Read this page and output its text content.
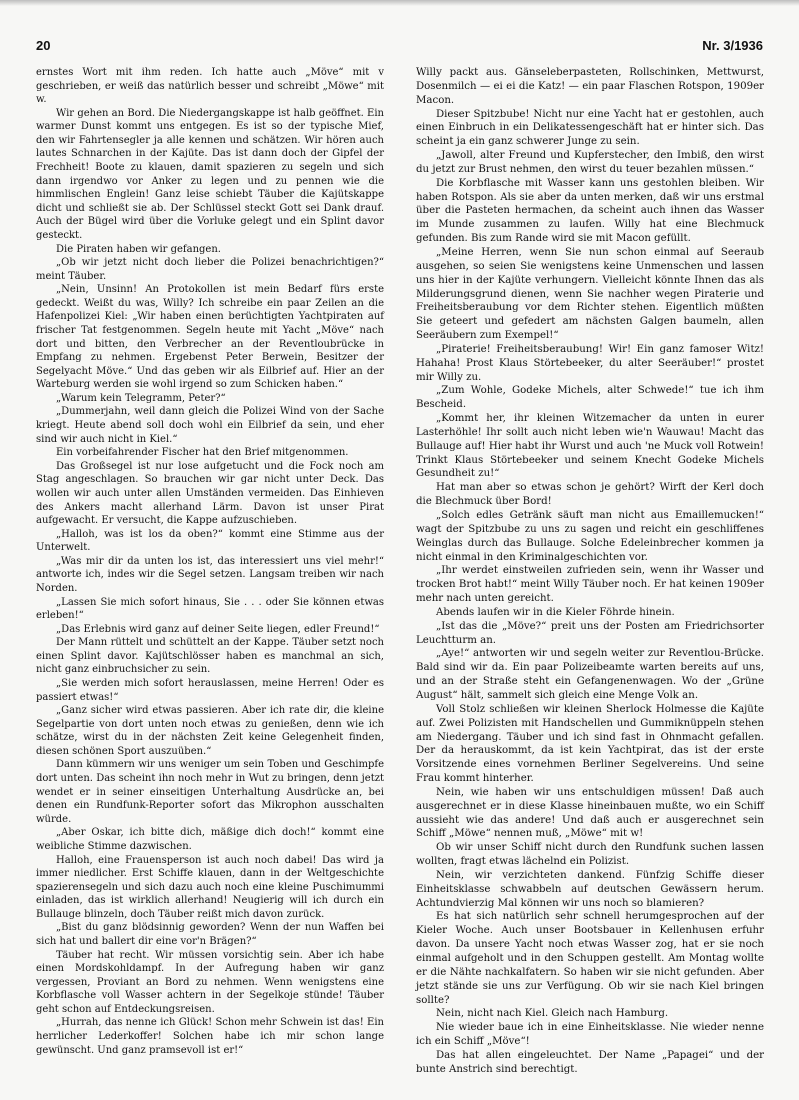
20	Nr. 3/1936

ernstes Wort mit ihm reden. Ich hatte auch „Möve“ mit v geschrieben, er weiß das natürlich besser und schreibt „Möwe“ mit w.

Wir gehen an Bord. Die Niedergangskappe ist halb geöffnet. Ein warmer Dunst kommt uns entgegen. Es ist so der typische Mief, den wir Fahrtensegler ja alle kennen und schätzen. Wir hören auch lautes Schnarchen in der Kajüte. Das ist dann doch der Gipfel der Frechheit! Boote zu klauen, damit spazieren zu segeln und sich dann irgendwo vor Anker zu legen und zu pennen wie die himmlischen Englein! Ganz leise schiebt Täuber die Kajütskappe dicht und schließt sie ab. Der Schlüssel steckt Gott sei Dank drauf. Auch der Bügel wird über die Vorluke gelegt und ein Splint davor gesteckt.

Die Piraten haben wir gefangen.

„Ob wir jetzt nicht doch lieber die Polizei benachrichtigen?“ meint Täuber.

„Nein, Unsinn! An Protokollen ist mein Bedarf fürs erste gedeckt. Weißt du was, Willy? Ich schreibe ein paar Zeilen an die Hafenpolizei Kiel: „Wir haben einen berüchtigten Yachtpiraten auf frischer Tat festgenommen. Segeln heute mit Yacht „Möve“ nach dort und bitten, den Verbrecher an der Reventloubrücke in Empfang zu nehmen. Ergebenst Peter Berwein, Besitzer der Segelyacht Möve.“ Und das geben wir als Eilbrief auf. Hier an der Warteburg werden sie wohl irgend so zum Schicken haben.“

„Warum kein Telegramm, Peter?“

„Dummerjahn, weil dann gleich die Polizei Wind von der Sache kriegt. Heute abend soll doch wohl ein Eilbrief da sein, und eher sind wir auch nicht in Kiel.“

Ein vorbeifahrender Fischer hat den Brief mitgenommen.

Das Großsegel ist nur lose aufgetucht und die Fock noch am Stag angeschlagen. So brauchen wir gar nicht unter Deck. Das wollen wir auch unter allen Umständen vermeiden. Das Einhieven des Ankers macht allerhand Lärm. Davon ist unser Pirat aufgewacht. Er versucht, die Kappe aufzuschieben.

„Halloh, was ist los da oben?“ kommt eine Stimme aus der Unterwelt.

„Was mir dir da unten los ist, das interessiert uns viel mehr!“ antworte ich, indes wir die Segel setzen. Langsam treiben wir nach Norden.

„Lassen Sie mich sofort hinaus, Sie . . . oder Sie können etwas erleben!“

„Das Erlebnis wird ganz auf deiner Seite liegen, edler Freund!“

Der Mann rüttelt und schüttelt an der Kappe. Täuber setzt noch einen Splint davor. Kajütschlösser haben es manchmal an sich, nicht ganz einbruchsicher zu sein.

„Sie werden mich sofort herauslassen, meine Herren! Oder es passiert etwas!“

„Ganz sicher wird etwas passieren. Aber ich rate dir, die kleine Segelpartie von dort unten noch etwas zu genießen, denn wie ich schätze, wirst du in der nächsten Zeit keine Gelegenheit finden, diesen schönen Sport auszuüben.“

Dann kümmern wir uns weniger um sein Toben und Geschimpfe dort unten. Das scheint ihn noch mehr in Wut zu bringen, denn jetzt wendet er in seiner einseitigen Unterhaltung Ausdrücke an, bei denen ein Rundfunk-Reporter sofort das Mikrophon ausschalten würde.

„Aber Oskar, ich bitte dich, mäßige dich doch!“ kommt eine weibliche Stimme dazwischen.

Halloh, eine Frauensperson ist auch noch dabei! Das wird ja immer niedlicher. Erst Schiffe klauen, dann in der Weltgeschichte spazierensegeln und sich dazu auch noch eine kleine Puschimummi einladen, das ist wirklich allerhand! Neugierig will ich durch ein Bullauge blinzeln, doch Täuber reißt mich davon zurück.

„Bist du ganz blödsinnig geworden? Wenn der nun Waffen bei sich hat und ballert dir eine vor'n Brägen?“

Täuber hat recht. Wir müssen vorsichtig sein. Aber ich habe einen Mordskohldampf. In der Aufregung haben wir ganz vergessen, Proviant an Bord zu nehmen. Wenn wenigstens eine Korbflasche voll Wasser achtern in der Segelkoje stünde! Täuber geht schon auf Entdeckungsreisen.

„Hurrah, das nenne ich Glück! Schon mehr Schwein ist das! Ein herrlicher Lederkoffer! Solchen habe ich mir schon lange gewünscht. Und ganz pramsevoll ist er!“

Willy packt aus. Gänseleberpasteten, Rollschinken, Mettwurst, Dosenmilch — ei ei die Katz! — ein paar Flaschen Rotspon, 1909er Macon.

Dieser Spitzbube! Nicht nur eine Yacht hat er gestohlen, auch einen Einbruch in ein Delikatessengeschäft hat er hinter sich. Das scheint ja ein ganz schwerer Junge zu sein.

„Jawoll, alter Freund und Kupferstecher, den Imbiß, den wirst du jetzt zur Brust nehmen, den wirst du teuer bezahlen müssen.“

Die Korbflasche mit Wasser kann uns gestohlen bleiben. Wir haben Rotspon. Als sie aber da unten merken, daß wir uns erstmal über die Pasteten hermachen, da scheint auch ihnen das Wasser im Munde zusammen zu laufen. Willy hat eine Blechmuck gefunden. Bis zum Rande wird sie mit Macon gefüllt.

„Meine Herren, wenn Sie nun schon einmal auf Seeraub ausgehen, so seien Sie wenigstens keine Unmenschen und lassen uns hier in der Kajüte verhungern. Vielleicht könnte Ihnen das als Milderungsgrund dienen, wenn Sie nachher wegen Piraterie und Freiheitsberaubung vor dem Richter stehen. Eigentlich müßten Sie geteert und gefedert am nächsten Galgen baumeln, allen Seeräubern zum Exempel!“

„Piraterie! Freiheitsberaubung! Wir! Ein ganz famoser Witz! Hahaha! Prost Klaus Störtebeeker, du alter Seeräuber!“ prostet mir Willy zu.

„Zum Wohle, Godeke Michels, alter Schwede!“ tue ich ihm Bescheid.

„Kommt her, ihr kleinen Witzemacher da unten in eurer Lasterhöhle! Ihr sollt auch nicht leben wie'n Wauwau! Macht das Bullauge auf! Hier habt ihr Wurst und auch 'ne Muck voll Rotwein! Trinkt Klaus Störtebeeker und seinem Knecht Godeke Michels Gesundheit zu!“

Hat man aber so etwas schon je gehört? Wirft der Kerl doch die Blechmuck über Bord!

„Solch edles Getränk säuft man nicht aus Emaillemucken!“ wagt der Spitzbube zu uns zu sagen und reicht ein geschliffenes Weinglas durch das Bullauge. Solche Edeleinbrecher kommen ja nicht einmal in den Kriminalgeschichten vor.

„Ihr werdet einstweilen zufrieden sein, wenn ihr Wasser und trocken Brot habt!“ meint Willy Täuber noch. Er hat keinen 1909er mehr nach unten gereicht.

Abends laufen wir in die Kieler Föhrde hinein.

„Ist das die „Möve?“ preit uns der Posten am Friedrichsorter Leuchtturm an.

„Aye!“ antworten wir und segeln weiter zur Reventlou-Brücke. Bald sind wir da. Ein paar Polizeibeamte warten bereits auf uns, und an der Straße steht ein Gefangenenwagen. Wo der „Grüne August“ hält, sammelt sich gleich eine Menge Volk an.

Voll Stolz schließen wir kleinen Sherlock Holmesse die Kajüte auf. Zwei Polizisten mit Handschellen und Gummiknüppeln stehen am Niedergang. Täuber und ich sind fast in Ohnmacht gefallen. Der da herauskommt, da ist kein Yachtpirat, das ist der erste Vorsitzende eines vornehmen Berliner Segelvereins. Und seine Frau kommt hinterher.

Nein, wie haben wir uns entschuldigen müssen! Daß auch ausgerechnet er in diese Klasse hineinbauen mußte, wo ein Schiff aussieht wie das andere! Und daß auch er ausgerechnet sein Schiff „Möwe“ nennen muß, „Möwe“ mit w!

Ob wir unser Schiff nicht durch den Rundfunk suchen lassen wollten, fragt etwas lächelnd ein Polizist.

Nein, wir verzichteten dankend. Fünfzig Schiffe dieser Einheitsklasse schwabbeln auf deutschen Gewässern herum. Achtundvierzig Mal können wir uns noch so blamieren?

Es hat sich natürlich sehr schnell herumgesprochen auf der Kieler Woche. Auch unser Bootsbauer in Kellenhusen erfuhr davon. Da unsere Yacht noch etwas Wasser zog, hat er sie noch einmal aufgeholt und in den Schuppen gestellt. Am Montag wollte er die Nähte nachkalfatern. So haben wir sie nicht gefunden. Aber jetzt stände sie uns zur Verfügung. Ob wir sie nach Kiel bringen sollte?

Nein, nicht nach Kiel. Gleich nach Hamburg.

Nie wieder baue ich in eine Einheitsklasse. Nie wieder nenne ich ein Schiff „Möve“!

Das hat allen eingeleuchtet. Der Name „Papagei“ und der bunte Anstrich sind berechtigt.
